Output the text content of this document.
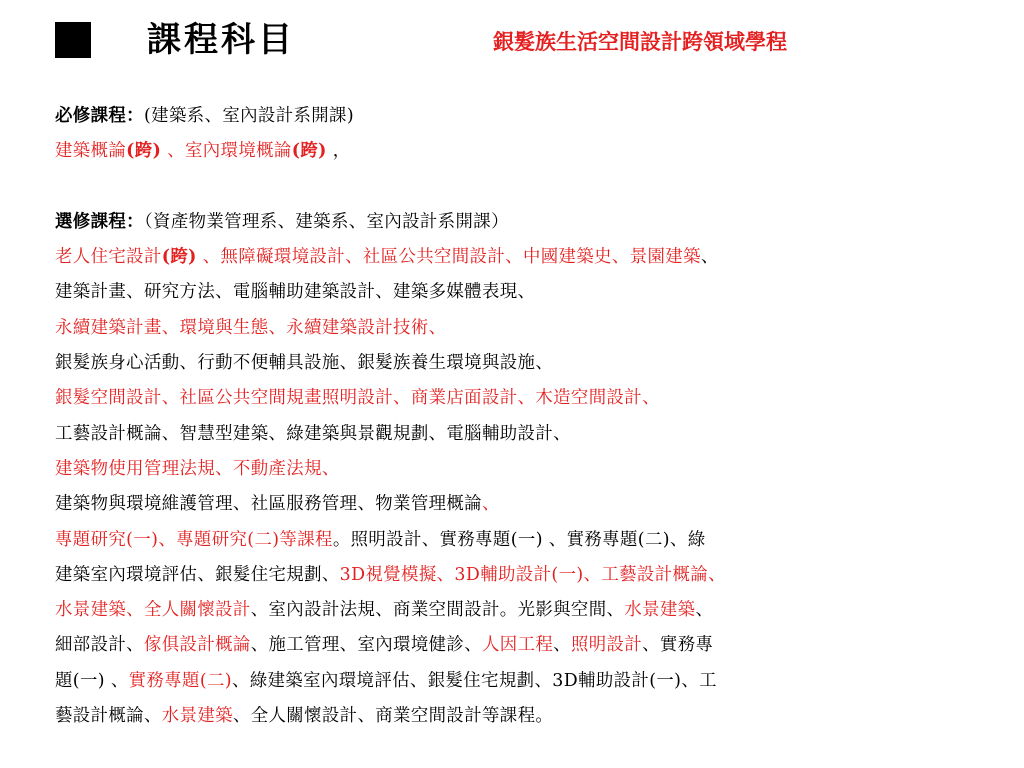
課程科目	銀髮族生活空間設計跨領域學程
必修課程：(建築系、室內設計系開課)
建築概論(跨) 、室內環境概論(跨) ，
選修課程：（資產物業管理系、建築系、室內設計系開課）
老人住宅設計(跨) 、無障礙環境設計、社區公共空間設計、中國建築史、景園建築、
建築計畫、研究方法、電腦輔助建築設計、建築多媒體表現、
永續建築計畫、環境與生態、永續建築設計技術、
銀髮族身心活動、行動不便輔具設施、銀髮族養生環境與設施、
銀髮空間設計、社區公共空間規畫照明設計、商業店面設計、木造空間設計、
工藝設計概論、智慧型建築、綠建築與景觀規劃、電腦輔助設計、
建築物使用管理法規、不動產法規、
建築物與環境維護管理、社區服務管理、物業管理概論、
專題研究(一)、專題研究(二)等課程。照明設計、實務專題(一) 、實務專題(二)、綠
建築室內環境評估、銀髮住宅規劃、3D視覺模擬、3D輔助設計(一)、工藝設計概論、
水景建築、全人關懷設計、室內設計法規、商業空間設計。光影與空間、水景建築、
細部設計、傢俱設計概論、施工管理、室內環境健診、人因工程、照明設計、實務專
題(一) 、實務專題(二)、綠建築室內環境評估、銀髮住宅規劃、3D輔助設計(一)、工
藝設計概論、水景建築、全人關懷設計、商業空間設計等課程。
